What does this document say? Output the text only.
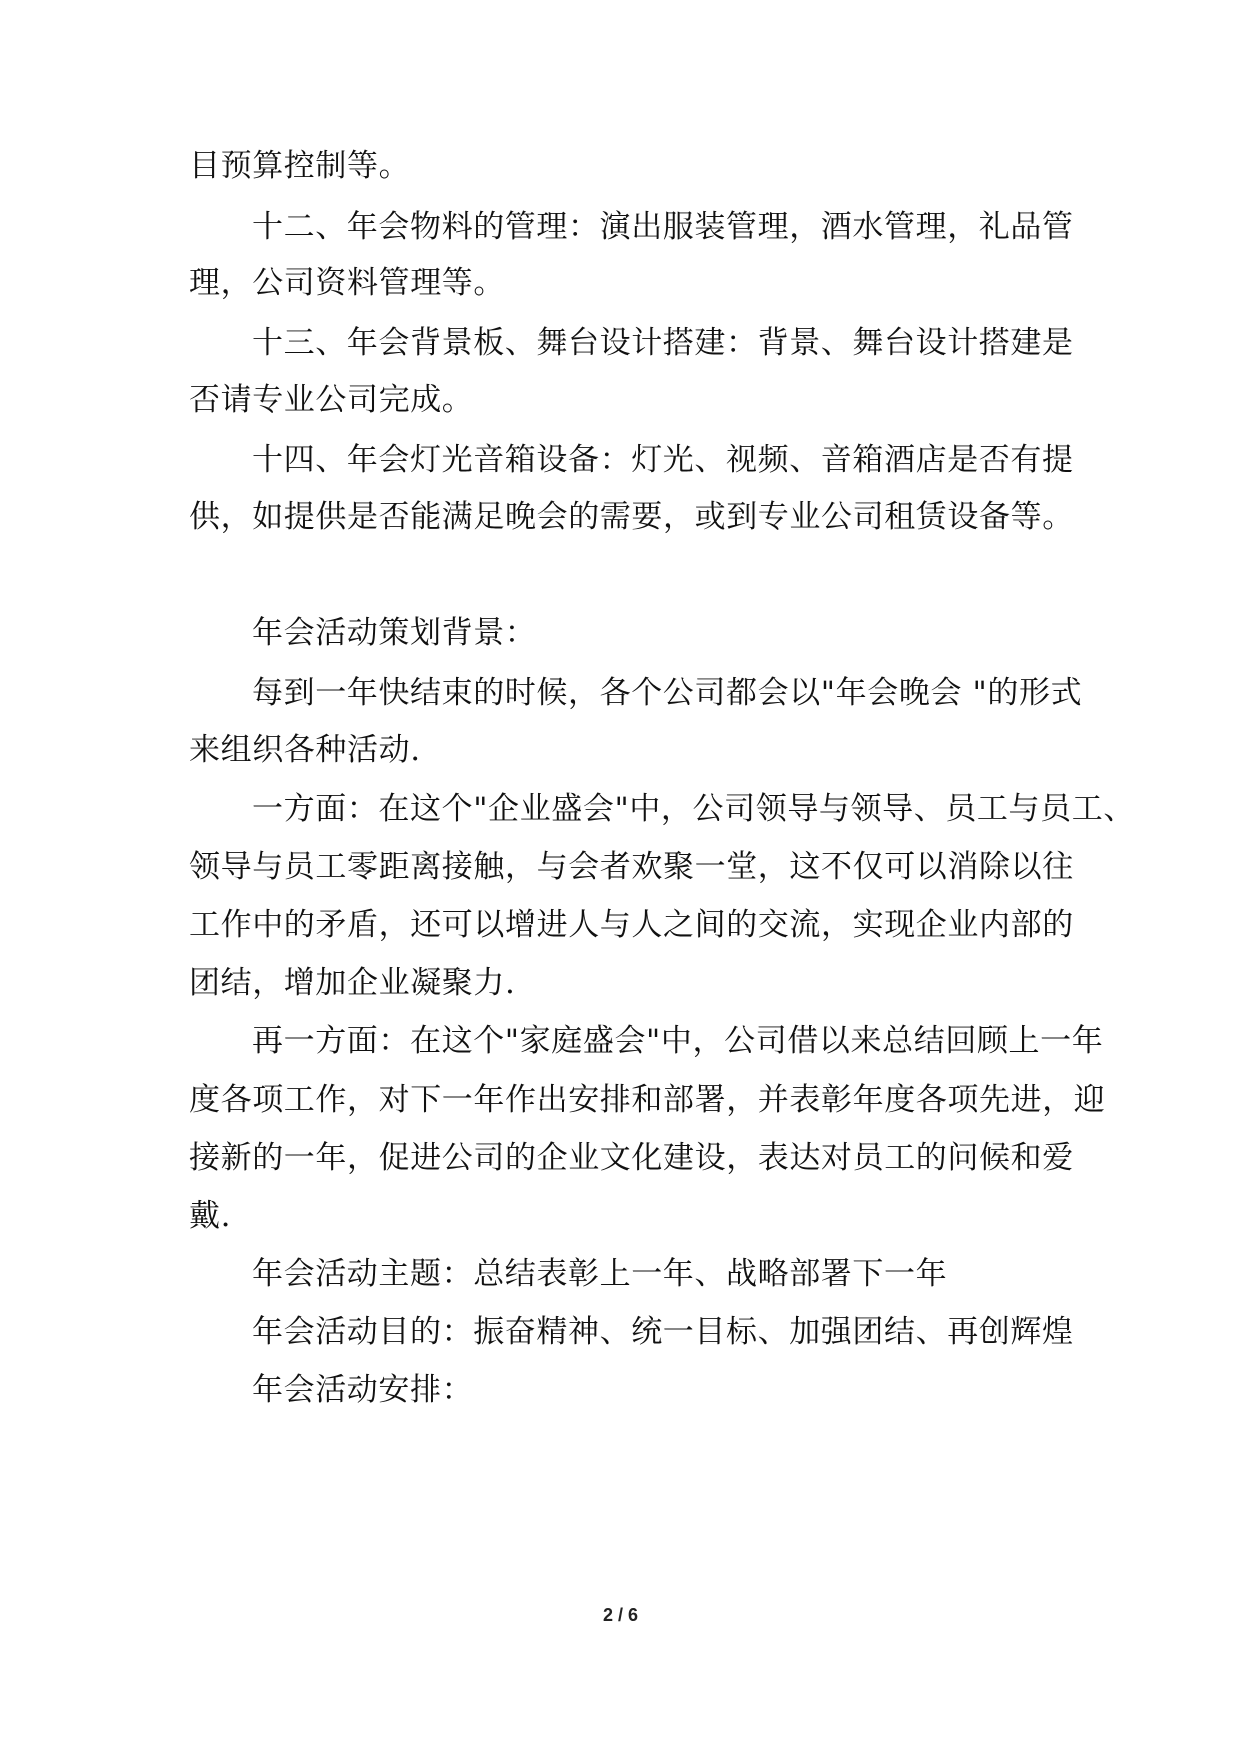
目预算控制等。
十二、年会物料的管理：演出服装管理，酒水管理，礼品管
理，公司资料管理等。
十三、年会背景板、舞台设计搭建：背景、舞台设计搭建是
否请专业公司完成。
十四、年会灯光音箱设备：灯光、视频、音箱酒店是否有提
供，如提供是否能满足晚会的需要，或到专业公司租赁设备等。
年会活动策划背景：
每到一年快结束的时候，各个公司都会以"年会晚会 "的形式
来组织各种活动.
一方面：在这个"企业盛会"中，公司领导与领导、员工与员工、
领导与员工零距离接触，与会者欢聚一堂，这不仅可以消除以往
工作中的矛盾，还可以增进人与人之间的交流，实现企业内部的
团结，增加企业凝聚力.
再一方面：在这个"家庭盛会"中，公司借以来总结回顾上一年
度各项工作，对下一年作出安排和部署，并表彰年度各项先进，迎
接新的一年，促进公司的企业文化建设，表达对员工的问候和爱
戴.
年会活动主题：总结表彰上一年、战略部署下一年
年会活动目的：振奋精神、统一目标、加强团结、再创辉煌
年会活动安排：
2 / 6
